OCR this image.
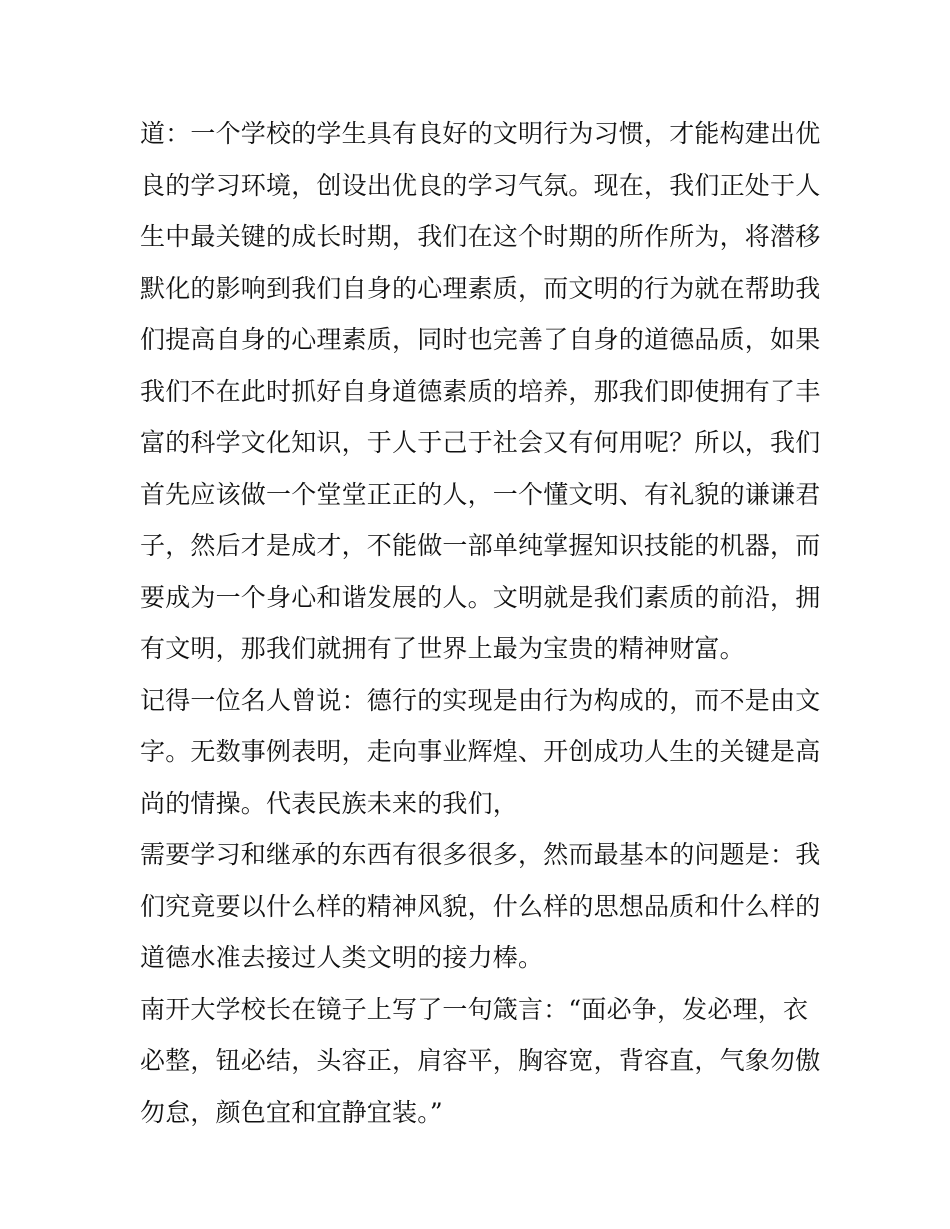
道：一个学校的学生具有良好的文明行为习惯，才能构建出优
良的学习环境，创设出优良的学习气氛。现在，我们正处于人
生中最关键的成长时期，我们在这个时期的所作所为，将潜移
默化的影响到我们自身的心理素质，而文明的行为就在帮助我
们提高自身的心理素质，同时也完善了自身的道德品质，如果
我们不在此时抓好自身道德素质的培养，那我们即使拥有了丰
富的科学文化知识，于人于己于社会又有何用呢？所以，我们
首先应该做一个堂堂正正的人，一个懂文明、有礼貌的谦谦君
子，然后才是成才，不能做一部单纯掌握知识技能的机器，而
要成为一个身心和谐发展的人。文明就是我们素质的前沿，拥
有文明，那我们就拥有了世界上最为宝贵的精神财富。
记得一位名人曾说：德行的实现是由行为构成的，而不是由文
字。无数事例表明，走向事业辉煌、开创成功人生的关键是高
尚的情操。代表民族未来的我们，
需要学习和继承的东西有很多很多，然而最基本的问题是：我
们究竟要以什么样的精神风貌，什么样的思想品质和什么样的
道德水准去接过人类文明的接力棒。
南开大学校长在镜子上写了一句箴言：“面必争，发必理，衣
必整，钮必结，头容正，肩容平，胸容宽，背容直，气象勿傲
勿怠，颜色宜和宜静宜装。”
